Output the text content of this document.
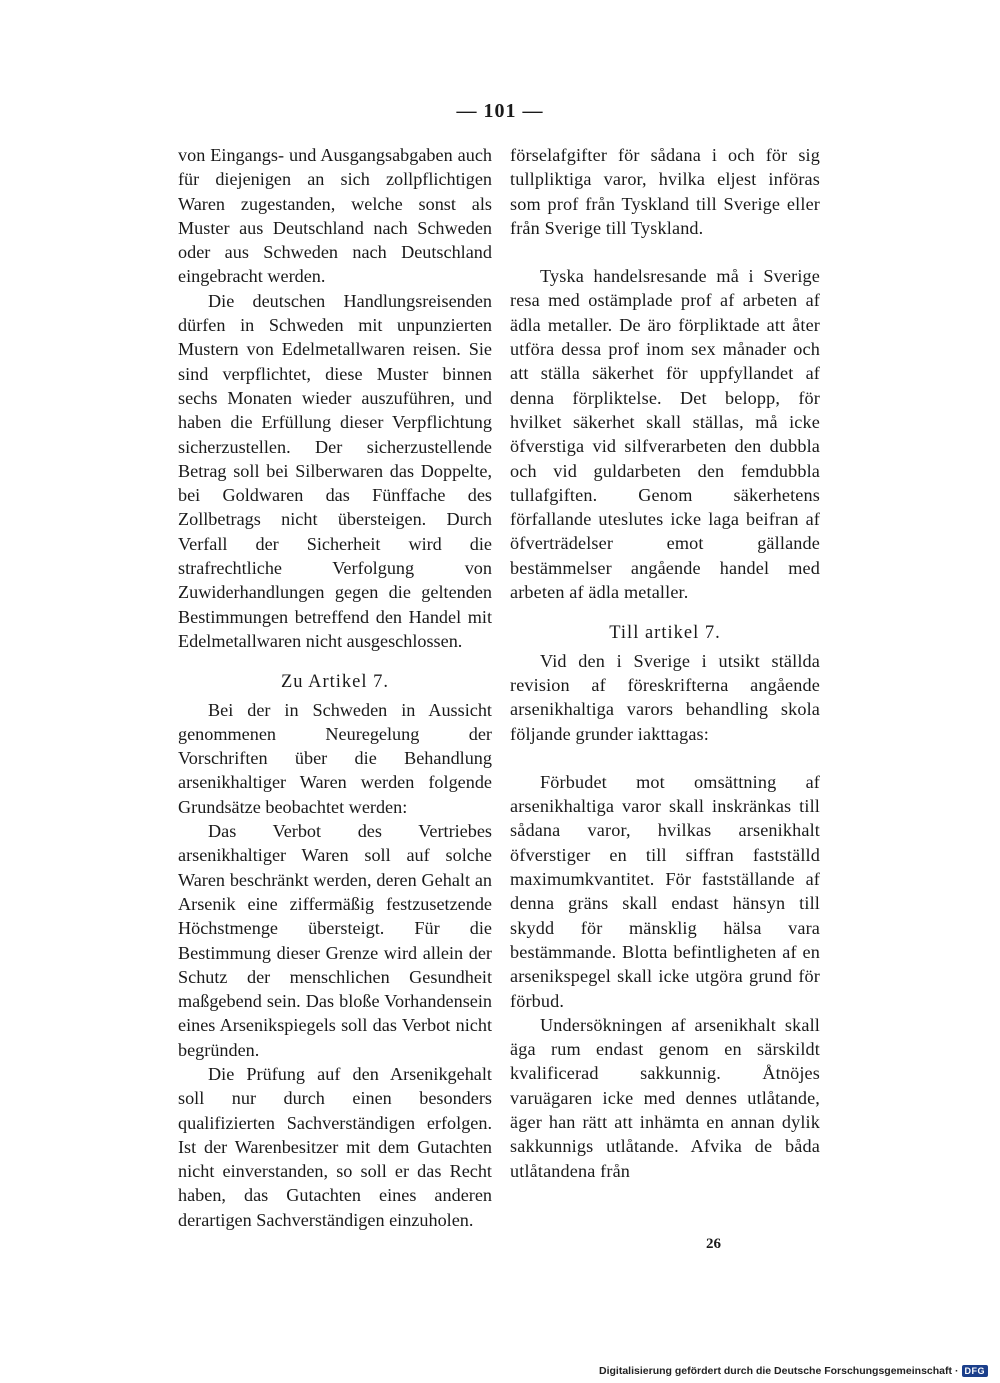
— 101 —

von Eingangs- und Ausgangsabgaben auch für diejenigen an sich zollpflichtigen Waren zugestanden, welche sonst als Muster aus Deutschland nach Schweden oder aus Schweden nach Deutschland eingebracht werden.

Die deutschen Handlungsreisenden dürfen in Schweden mit unpunzierten Mustern von Edelmetallwaren reisen. Sie sind verpflichtet, diese Muster binnen sechs Monaten wieder auszuführen, und haben die Erfüllung dieser Verpflichtung sicherzustellen. Der sicherzustellende Betrag soll bei Silberwaren das Doppelte, bei Goldwaren das Fünffache des Zollbetrags nicht übersteigen. Durch Verfall der Sicherheit wird die strafrechtliche Verfolgung von Zuwiderhandlungen gegen die geltenden Bestimmungen betreffend den Handel mit Edelmetallwaren nicht ausgeschlossen.

Zu Artikel 7.

Bei der in Schweden in Aussicht genommenen Neuregelung der Vorschriften über die Behandlung arsenikhaltiger Waren werden folgende Grundsätze beobachtet werden:

Das Verbot des Vertriebes arsenikhaltiger Waren soll auf solche Waren beschränkt werden, deren Gehalt an Arsenik eine ziffermäßig festzusetzende Höchstmenge übersteigt. Für die Bestimmung dieser Grenze wird allein der Schutz der menschlichen Gesundheit maßgebend sein. Das bloße Vorhandensein eines Arsenikspiegels soll das Verbot nicht begründen.

Die Prüfung auf den Arsenikgehalt soll nur durch einen besonders qualifizierten Sachverständigen erfolgen. Ist der Warenbesitzer mit dem Gutachten nicht einverstanden, so soll er das Recht haben, das Gutachten eines anderen derartigen Sachverständigen einzuholen.

förselafgifter för sådana i och för sig tullpliktiga varor, hvilka eljest införas som prof från Tyskland till Sverige eller från Sverige till Tyskland.

Tyska handelsresande må i Sverige resa med ostämplade prof af arbeten af ädla metaller. De äro förpliktade att åter utföra dessa prof inom sex månader och att ställa säkerhet för uppfyllandet af denna förpliktelse. Det belopp, för hvilket säkerhet skall ställas, må icke öfverstiga vid silfverarbeten den dubbla och vid guldarbeten den femdubbla tullafgiften. Genom säkerhetens förfallande uteslutes icke laga beifran af öfverträdelser emot gällande bestämmelser angående handel med arbeten af ädla metaller.

Till artikel 7.

Vid den i Sverige i utsikt ställda revision af föreskrifterna angående arsenikhaltiga varors behandling skola följande grunder iakttagas:

Förbudet mot omsättning af arsenikhaltiga varor skall inskränkas till sådana varor, hvilkas arsenikhalt öfverstiger en till siffran fastställd maximumkvantitet. För fastställande af denna gräns skall endast hänsyn till skydd för mänsklig hälsa vara bestämmande. Blotta befintligheten af en arsenikspegel skall icke utgöra grund för förbud.

Undersökningen af arsenikhalt skall äga rum endast genom en särskildt kvalificerad sakkunnig. Åtnöjes varuägaren icke med dennes utlåtande, äger han rätt att inhämta en annan dylik sakkunnigs utlåtande. Afvika de båda utlåtandena från

26
Digitalisierung gefördert durch die Deutsche Forschungsgemeinschaft · DFG
